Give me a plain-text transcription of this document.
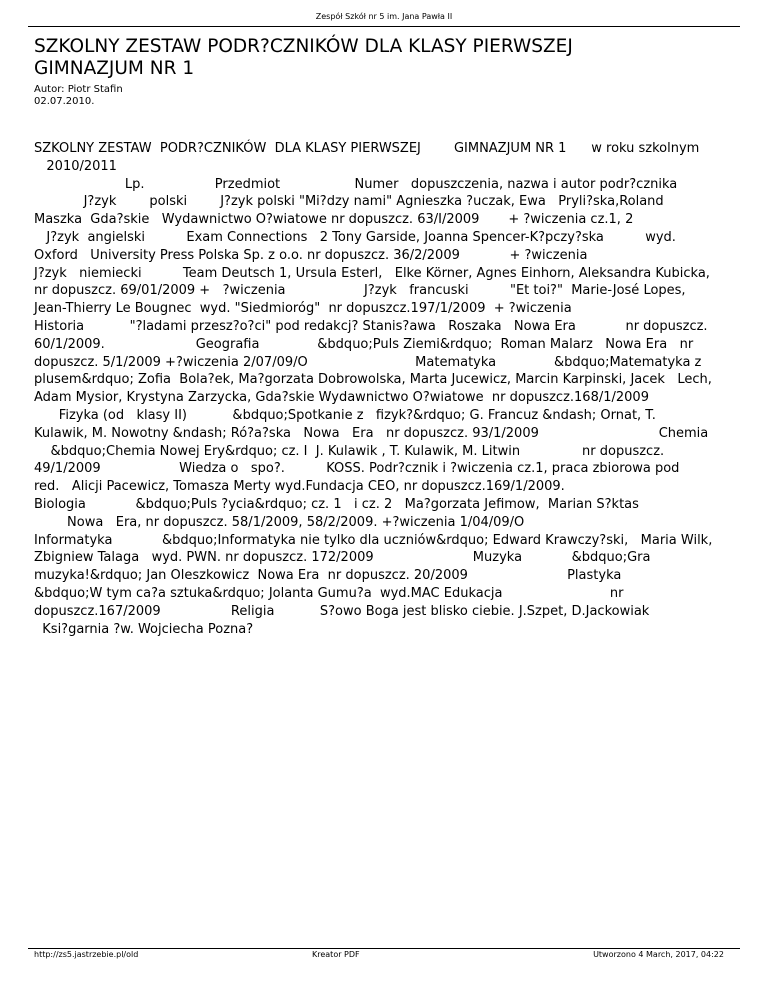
Zespół Szkół nr 5 im. Jana Pawła II
SZKOLNY ZESTAW PODR?CZNIKÓW DLA KLASY PIERWSZEJ
GIMNAZJUM NR 1
Autor: Piotr Stafin
02.07.2010.
SZKOLNY ZESTAW  PODR?CZNIKÓW  DLA KLASY PIERWSZEJ        GIMNAZJUM NR 1      w roku szkolnym
2010/2011
Lp.                 Przedmiot                  Numer   dopuszczenia, nazwa i autor podr?cznika
J?zyk        polski        J?zyk polski "Mi?dzy nami" Agnieszka ?uczak, Ewa   Pryli?ska,Roland
Maszka  Gda?skie   Wydawnictwo O?wiatowe nr dopuszcz. 63/I/2009       + ?wiczenia cz.1, 2
J?zyk  angielski          Exam Connections   2 Tony Garside, Joanna Spencer-K?pczy?ska          wyd.
Oxford   University Press Polska Sp. z o.o. nr dopuszcz. 36/2/2009            + ?wiczenia
J?zyk   niemiecki          Team Deutsch 1, Ursula Esterl,   Elke Körner, Agnes Einhorn, Aleksandra Kubicka,
nr dopuszcz. 69/01/2009 +   ?wiczenia                   J?zyk   francuski          "Et toi?"  Marie-José Lopes,
Jean-Thierry Le Bougnec  wyd. "Siedmioróg"  nr dopuszcz.197/1/2009  + ?wiczenia
Historia           "?ladami przesz?o?ci" pod redakcj? Stanis?awa   Roszaka   Nowa Era            nr dopuszcz.
60/1/2009.                      Geografia              &bdquo;Puls Ziemi&rdquo;  Roman Malarz   Nowa Era   nr
dopuszcz. 5/1/2009 +?wiczenia 2/07/09/O                          Matematyka              &bdquo;Matematyka z
plusem&rdquo; Zofia  Bola?ek, Ma?gorzata Dobrowolska, Marta Jucewicz, Marcin Karpinski, Jacek   Lech,
Adam Mysior, Krystyna Zarzycka, Gda?skie Wydawnictwo O?wiatowe  nr dopuszcz.168/1/2009
Fizyka (od   klasy II)           &bdquo;Spotkanie z   fizyk?&rdquo; G. Francuz &ndash; Ornat, T.
Kulawik, M. Nowotny &ndash; Ró?a?ska   Nowa   Era   nr dopuszcz. 93/1/2009                             Chemia
&bdquo;Chemia Nowej Ery&rdquo; cz. I  J. Kulawik , T. Kulawik, M. Litwin               nr dopuszcz.
49/1/2009                   Wiedza o   spo?.          KOSS. Podr?cznik i ?wiczenia cz.1, praca zbiorowa pod
red.   Alicji Pacewicz, Tomasza Merty wyd.Fundacja CEO, nr dopuszcz.169/1/2009.
Biologia            &bdquo;Puls ?ycia&rdquo; cz. 1   i cz. 2   Ma?gorzata Jefimow,  Marian S?ktas
Nowa   Era, nr dopuszcz. 58/1/2009, 58/2/2009. +?wiczenia 1/04/09/O
Informatyka            &bdquo;Informatyka nie tylko dla uczniów&rdquo; Edward Krawczy?ski,   Maria Wilk,
Zbigniew Talaga   wyd. PWN. nr dopuszcz. 172/2009                        Muzyka            &bdquo;Gra
muzyka!&rdquo; Jan Oleszkowicz  Nowa Era  nr dopuszcz. 20/2009                        Plastyka
&bdquo;W tym ca?a sztuka&rdquo; Jolanta Gumu?a  wyd.MAC Edukacja                          nr
dopuszcz.167/2009                 Religia           S?owo Boga jest blisko ciebie. J.Szpet, D.Jackowiak
Ksi?garnia ?w. Wojciecha Pozna?
http://zs5.jastrzebie.pl/old	Kreator PDF	Utworzono 4 March, 2017, 04:22
